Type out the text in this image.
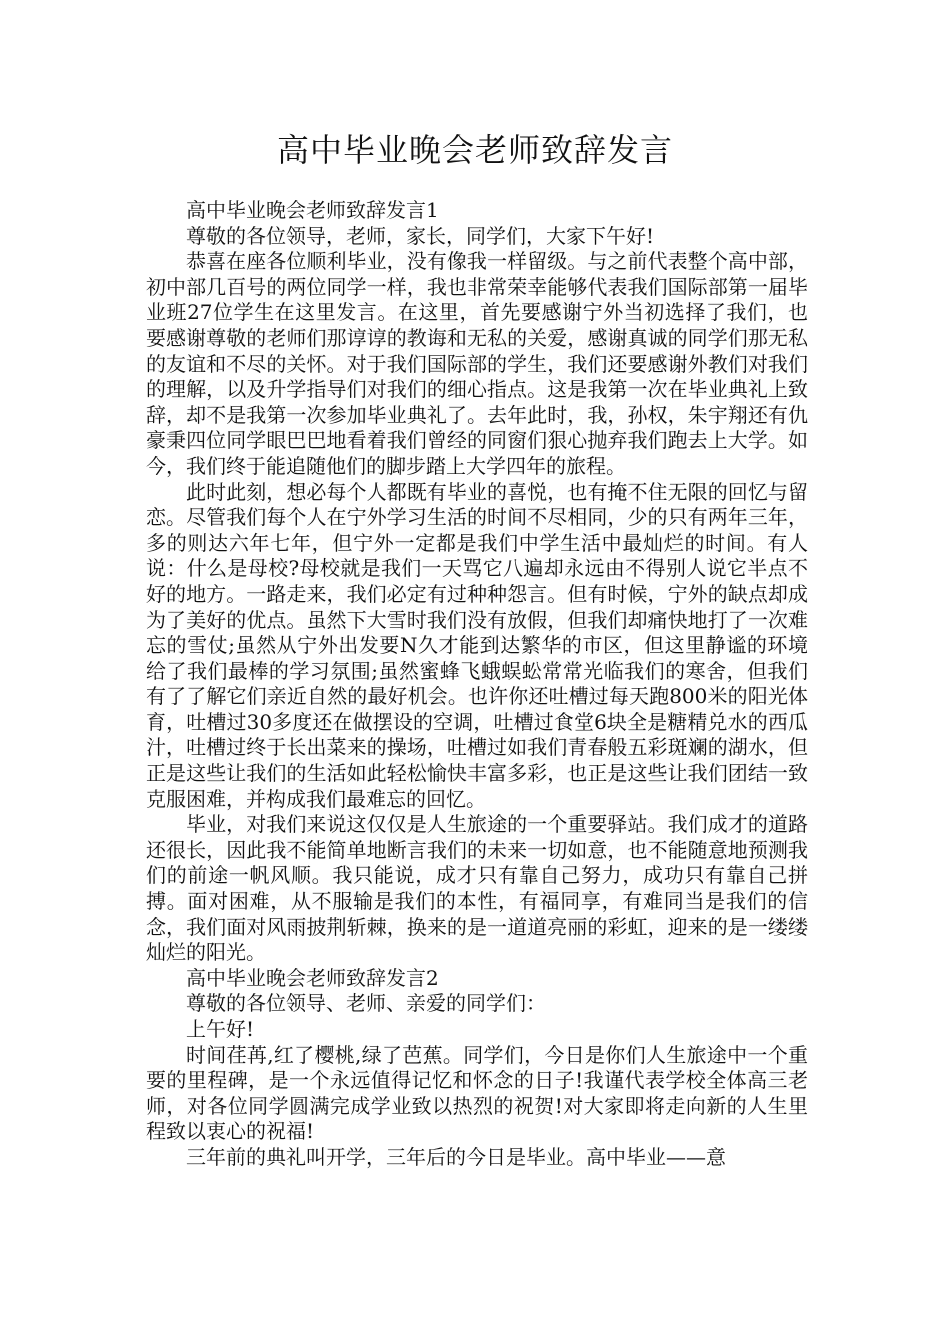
高中毕业晚会老师致辞发言

高中毕业晚会老师致辞发言1

尊敬的各位领导，老师，家长，同学们，大家下午好!

恭喜在座各位顺利毕业，没有像我一样留级。与之前代表整个高中部，初中部几百号的两位同学一样，我也非常荣幸能够代表我们国际部第一届毕业班27位学生在这里发言。在这里，首先要感谢宁外当初选择了我们，也要感谢尊敬的老师们那谆谆的教诲和无私的关爱，感谢真诚的同学们那无私的友谊和不尽的关怀。对于我们国际部的学生，我们还要感谢外教们对我们的理解，以及升学指导们对我们的细心指点。这是我第一次在毕业典礼上致辞，却不是我第一次参加毕业典礼了。去年此时，我，孙权，朱宇翔还有仇豪秉四位同学眼巴巴地看着我们曾经的同窗们狠心抛弃我们跑去上大学。如今，我们终于能追随他们的脚步踏上大学四年的旅程。

此时此刻，想必每个人都既有毕业的喜悦，也有掩不住无限的回忆与留恋。尽管我们每个人在宁外学习生活的时间不尽相同，少的只有两年三年，多的则达六年七年，但宁外一定都是我们中学生活中最灿烂的时间。有人说：什么是母校?母校就是我们一天骂它八遍却永远由不得别人说它半点不好的地方。一路走来，我们必定有过种种怨言。但有时候，宁外的缺点却成为了美好的优点。虽然下大雪时我们没有放假，但我们却痛快地打了一次难忘的雪仗;虽然从宁外出发要N久才能到达繁华的市区，但这里静谧的环境给了我们最棒的学习氛围;虽然蜜蜂飞蛾蜈蚣常常光临我们的寒舍，但我们有了了解它们亲近自然的最好机会。也许你还吐槽过每天跑800米的阳光体育，吐槽过30多度还在做摆设的空调，吐槽过食堂6块全是糖精兑水的西瓜汁，吐槽过终于长出菜来的操场，吐槽过如我们青春般五彩斑斓的湖水，但正是这些让我们的生活如此轻松愉快丰富多彩，也正是这些让我们团结一致克服困难，并构成我们最难忘的回忆。

毕业，对我们来说这仅仅是人生旅途的一个重要驿站。我们成才的道路还很长，因此我不能简单地断言我们的未来一切如意，也不能随意地预测我们的前途一帆风顺。我只能说，成才只有靠自己努力，成功只有靠自己拼搏。面对困难，从不服输是我们的本性，有福同享，有难同当是我们的信念，我们面对风雨披荆斩棘，换来的是一道道亮丽的彩虹，迎来的是一缕缕灿烂的阳光。

高中毕业晚会老师致辞发言2

尊敬的各位领导、老师、亲爱的同学们：

上午好!

时间荏苒,红了樱桃,绿了芭蕉。同学们，今日是你们人生旅途中一个重要的里程碑，是一个永远值得记忆和怀念的日子!我谨代表学校全体高三老师，对各位同学圆满完成学业致以热烈的祝贺!对大家即将走向新的人生里程致以衷心的祝福!

三年前的典礼叫开学，三年后的今日是毕业。高中毕业——意
